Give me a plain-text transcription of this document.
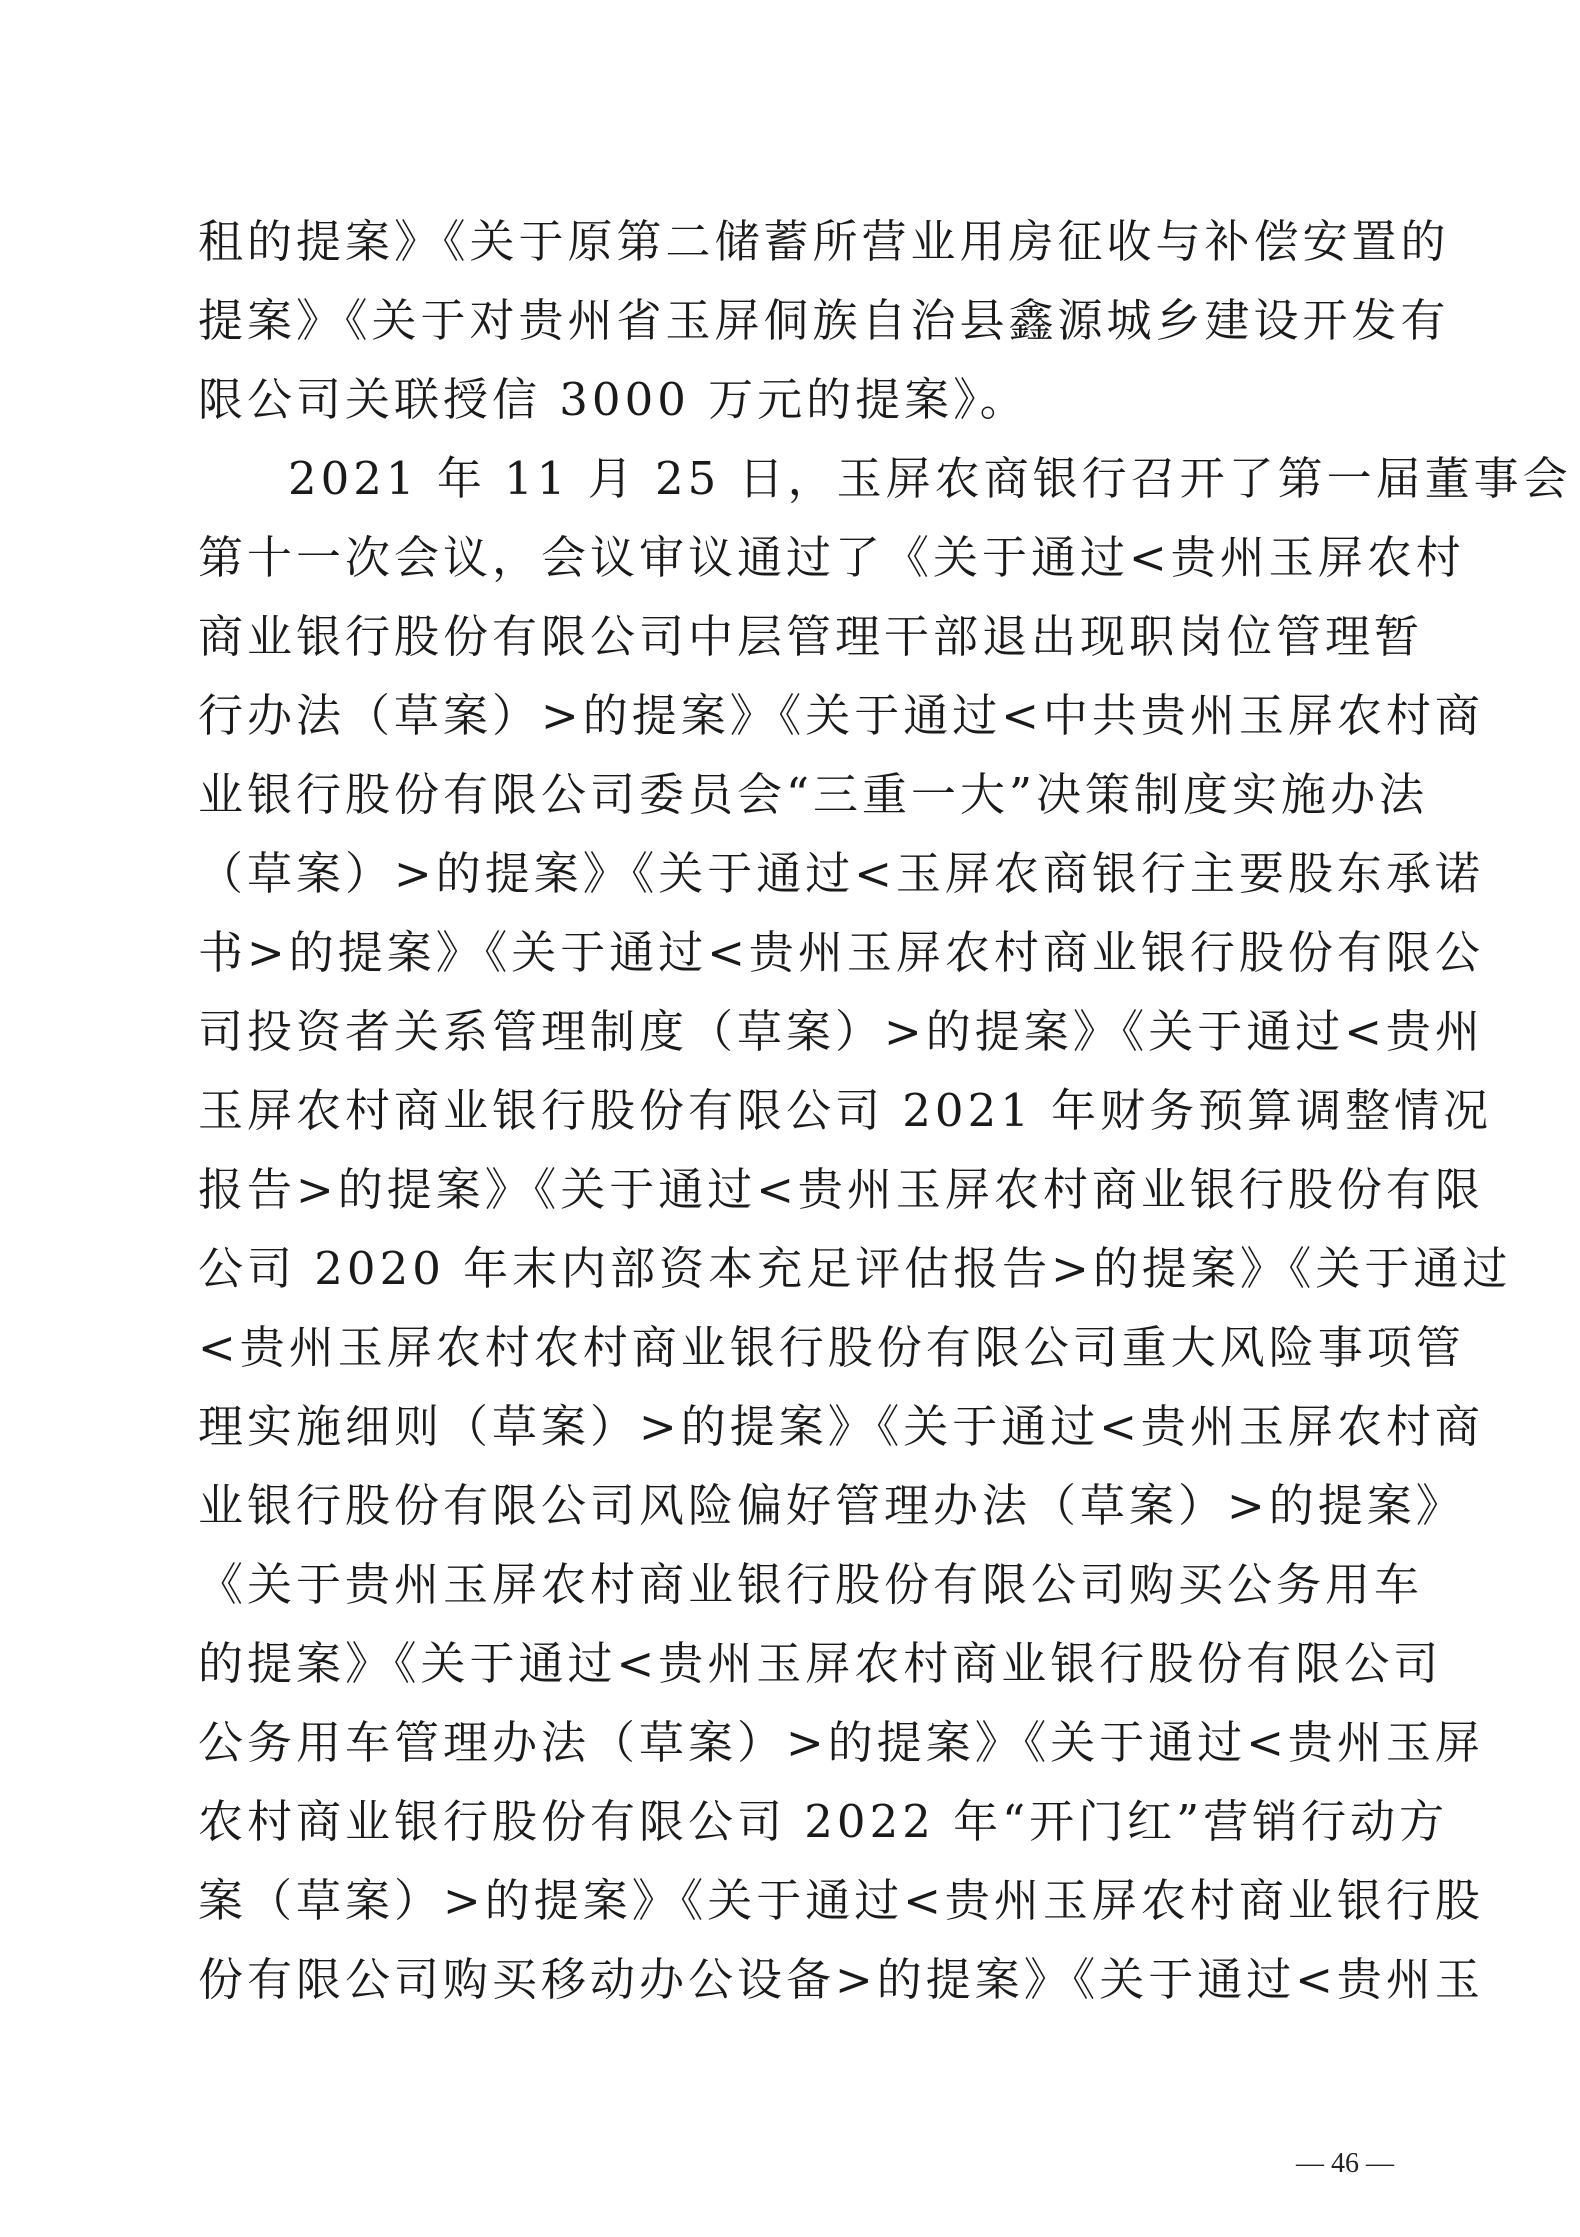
租的提案》《关于原第二储蓄所营业用房征收与补偿安置的
提案》《关于对贵州省玉屏侗族自治县鑫源城乡建设开发有
限公司关联授信 3000 万元的提案》。
2021 年 11 月 25 日，玉屏农商银行召开了第一届董事会
第十一次会议，会议审议通过了《关于通过<贵州玉屏农村
商业银行股份有限公司中层管理干部退出现职岗位管理暂
行办法（草案）>的提案》《关于通过<中共贵州玉屏农村商
业银行股份有限公司委员会“三重一大”决策制度实施办法
（草案）>的提案》《关于通过<玉屏农商银行主要股东承诺
书>的提案》《关于通过<贵州玉屏农村商业银行股份有限公
司投资者关系管理制度（草案）>的提案》《关于通过<贵州
玉屏农村商业银行股份有限公司 2021 年财务预算调整情况
报告>的提案》《关于通过<贵州玉屏农村商业银行股份有限
公司 2020 年末内部资本充足评估报告>的提案》《关于通过
<贵州玉屏农村农村商业银行股份有限公司重大风险事项管
理实施细则（草案）>的提案》《关于通过<贵州玉屏农村商
业银行股份有限公司风险偏好管理办法（草案）>的提案》
《关于贵州玉屏农村商业银行股份有限公司购买公务用车
的提案》《关于通过<贵州玉屏农村商业银行股份有限公司
公务用车管理办法（草案）>的提案》《关于通过<贵州玉屏
农村商业银行股份有限公司 2022 年“开门红”营销行动方
案（草案）>的提案》《关于通过<贵州玉屏农村商业银行股
份有限公司购买移动办公设备>的提案》《关于通过<贵州玉
— 46 —
